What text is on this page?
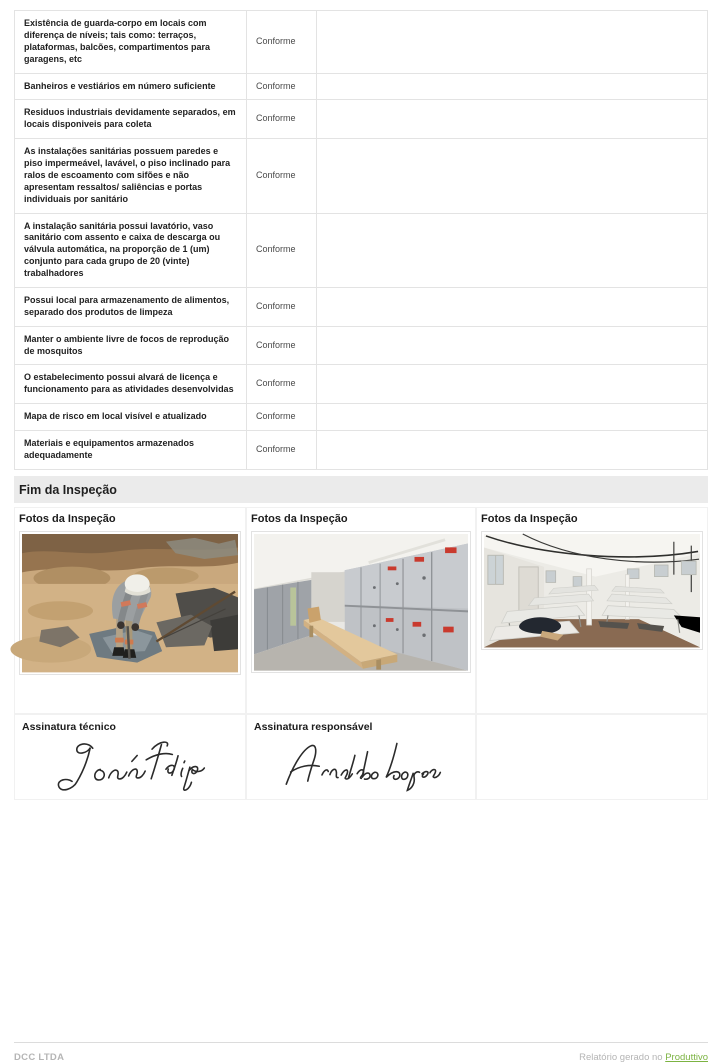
Existência de guarda-corpo em locais com diferença de níveis; tais como: terraços, plataformas, balcões, compartimentos para garagens, etc	Conforme	
Banheiros e vestiários em número suficiente	Conforme	
Residuos industriais devidamente separados, em locais disponiveis para coleta	Conforme	
As instalações sanitárias possuem paredes e piso impermeável, lavável, o piso inclinado para ralos de escoamento com sifões e não apresentam ressaltos/ saliências e portas individuais por sanitário	Conforme	
A instalação sanitária possui lavatório, vaso sanitário com assento e caixa de descarga ou válvula automática, na proporção de 1 (um) conjunto para cada grupo de 20 (vinte) trabalhadores	Conforme	
Possui local para armazenamento de alimentos, separado dos produtos de limpeza	Conforme	
Manter o ambiente livre de focos de reprodução de mosquitos	Conforme	
O estabelecimento possui alvará de licença e funcionamento para as atividades desenvolvidas	Conforme	
Mapa de risco em local visível e atualizado	Conforme	
Materiais e equipamentos armazenados adequadamente	Conforme	
Fim da Inspeção
Fotos da Inspeção	Fotos da Inspeção	Fotos da Inspeção
Assinatura técnico	Assinatura responsável
DCC LTDA	Relatório gerado no Produttivo
